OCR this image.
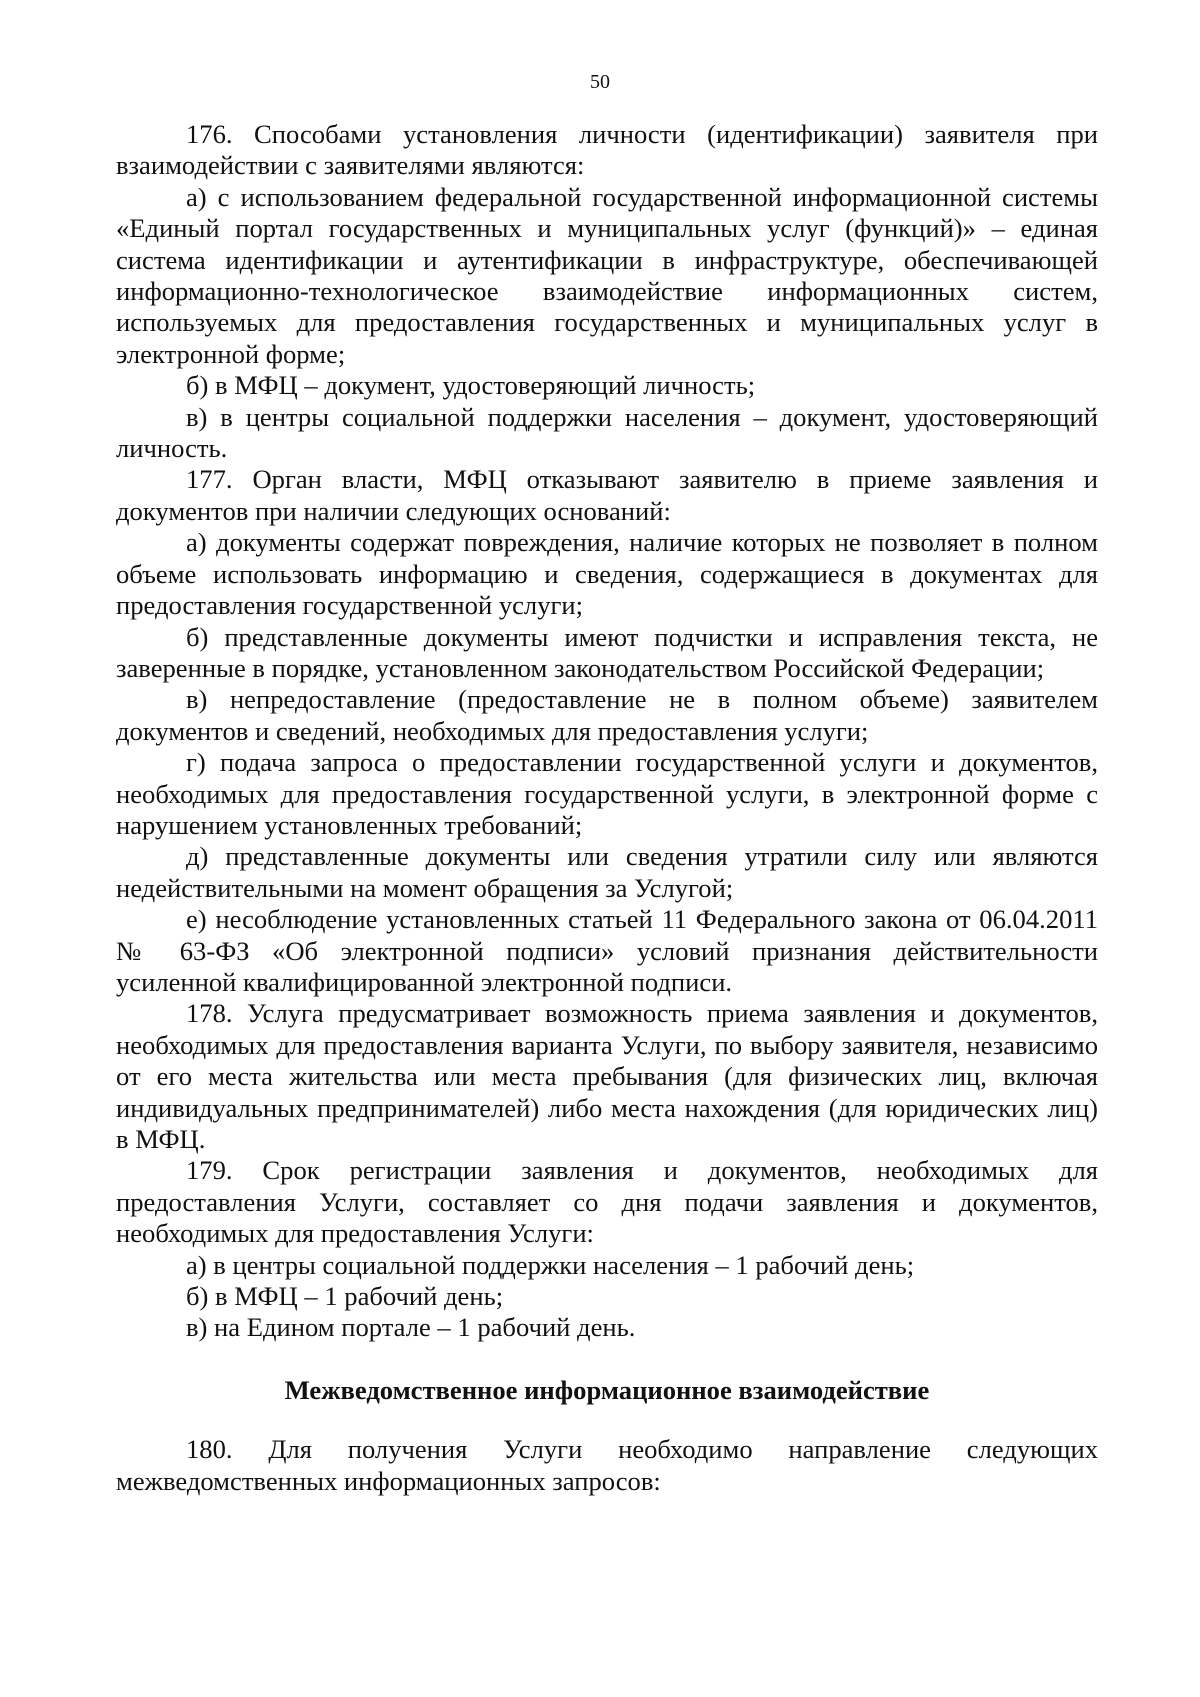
50

176. Способами установления личности (идентификации) заявителя при взаимодействии с заявителями являются:

а) с использованием федеральной государственной информационной системы «Единый портал государственных и муниципальных услуг (функций)» – единая система идентификации и аутентификации в инфраструктуре, обеспечивающей информационно-технологическое взаимодействие информационных систем, используемых для предоставления государственных и муниципальных услуг в электронной форме;

б) в МФЦ – документ, удостоверяющий личность;

в) в центры социальной поддержки населения – документ, удостоверяющий личность.

177. Орган власти, МФЦ отказывают заявителю в приеме заявления и документов при наличии следующих оснований:

а) документы содержат повреждения, наличие которых не позволяет в полном объеме использовать информацию и сведения, содержащиеся в документах для предоставления государственной услуги;

б) представленные документы имеют подчистки и исправления текста, не заверенные в порядке, установленном законодательством Российской Федерации;

в) непредоставление (предоставление не в полном объеме) заявителем документов и сведений, необходимых для предоставления услуги;

г) подача запроса о предоставлении государственной услуги и документов, необходимых для предоставления государственной услуги, в электронной форме с нарушением установленных требований;

д) представленные документы или сведения утратили силу или являются недействительными на момент обращения за Услугой;

е) несоблюдение установленных статьей 11 Федерального закона от 06.04.2011 № 63-ФЗ «Об электронной подписи» условий признания действительности усиленной квалифицированной электронной подписи.

178. Услуга предусматривает возможность приема заявления и документов, необходимых для предоставления варианта Услуги, по выбору заявителя, независимо от его места жительства или места пребывания (для физических лиц, включая индивидуальных предпринимателей) либо места нахождения (для юридических лиц) в МФЦ.

179. Срок регистрации заявления и документов, необходимых для предоставления Услуги, составляет со дня подачи заявления и документов, необходимых для предоставления Услуги:

а) в центры социальной поддержки населения – 1 рабочий день;

б) в МФЦ – 1 рабочий день;

в) на Едином портале – 1 рабочий день.

Межведомственное информационное взаимодействие

180. Для получения Услуги необходимо направление следующих межведомственных информационных запросов:
